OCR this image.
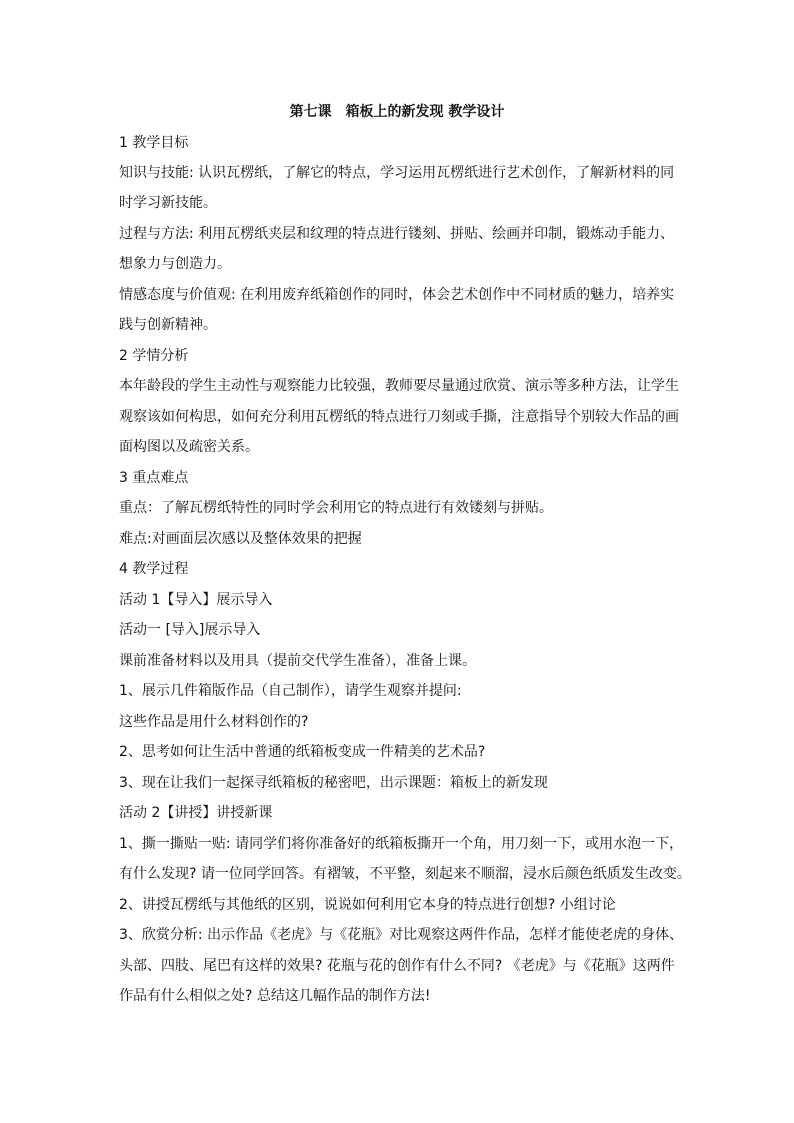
第七课　箱板上的新发现 教学设计
1 教学目标
知识与技能: 认识瓦楞纸，了解它的特点，学习运用瓦楞纸进行艺术创作，了解新材料的同
时学习新技能。
过程与方法: 利用瓦楞纸夹层和纹理的特点进行镂刻、拼贴、绘画并印制，锻炼动手能力、
想象力与创造力。
情感态度与价值观: 在利用废弃纸箱创作的同时，体会艺术创作中不同材质的魅力，培养实
践与创新精神。
2 学情分析
本年龄段的学生主动性与观察能力比较强，教师要尽量通过欣赏、演示等多种方法，让学生
观察该如何构思，如何充分利用瓦楞纸的特点进行刀刻或手撕，注意指导个别较大作品的画
面构图以及疏密关系。
3 重点难点
重点：了解瓦楞纸特性的同时学会利用它的特点进行有效镂刻与拼贴。
难点:对画面层次感以及整体效果的把握
4 教学过程
活动 1【导入】展示导入
活动一 [导入]展示导入
课前准备材料以及用具（提前交代学生准备），准备上课。
1、展示几件箱版作品（自己制作），请学生观察并提问:
这些作品是用什么材料创作的?
2、思考如何让生活中普通的纸箱板变成一件精美的艺术品?
3、现在让我们一起探寻纸箱板的秘密吧，出示课题：箱板上的新发现
活动 2【讲授】讲授新课
1、撕一撕贴一贴: 请同学们将你准备好的纸箱板撕开一个角，用刀刻一下，或用水泡一下，
有什么发现? 请一位同学回答。有褶皱，不平整，刻起来不顺溜，浸水后颜色纸质发生改变。
2、讲授瓦楞纸与其他纸的区别，说说如何利用它本身的特点进行创想? 小组讨论
3、欣赏分析: 出示作品《老虎》与《花瓶》对比观察这两件作品，怎样才能使老虎的身体、
头部、四肢、尾巴有这样的效果? 花瓶与花的创作有什么不同? 《老虎》与《花瓶》这两件
作品有什么相似之处? 总结这几幅作品的制作方法!
